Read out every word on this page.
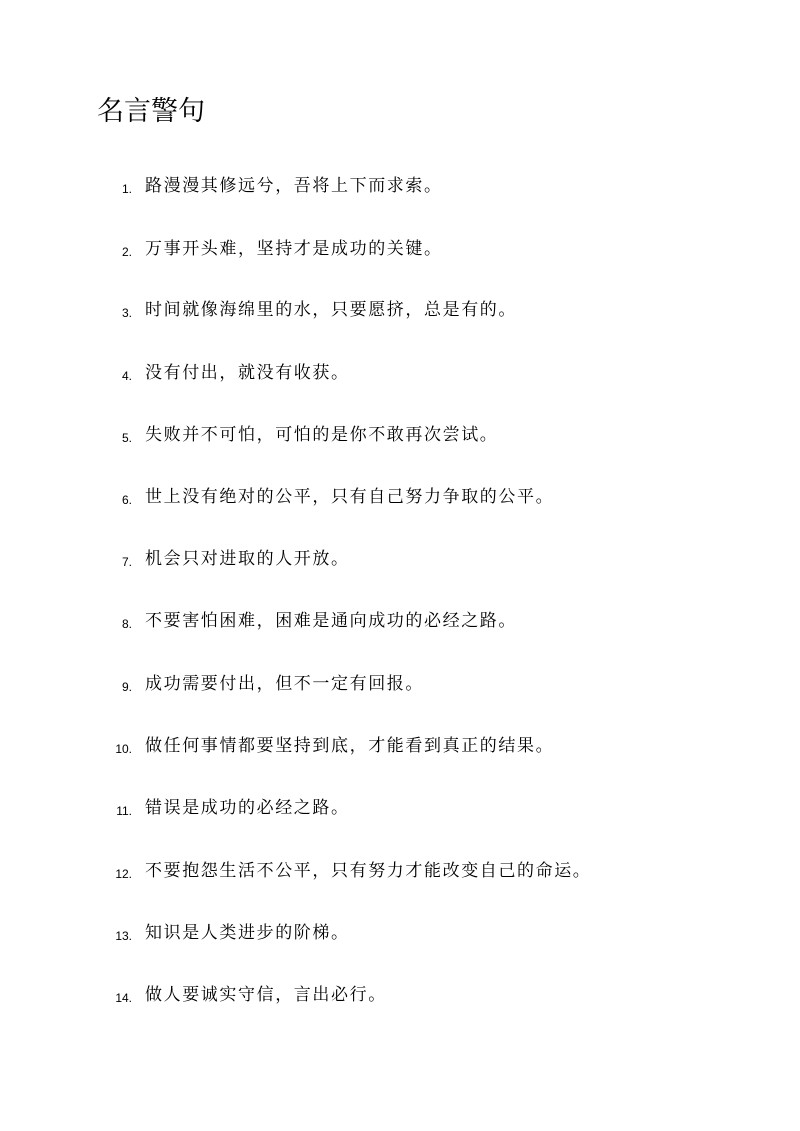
名言警句
1. 路漫漫其修远兮，吾将上下而求索。
2. 万事开头难，坚持才是成功的关键。
3. 时间就像海绵里的水，只要愿挤，总是有的。
4. 没有付出，就没有收获。
5. 失败并不可怕，可怕的是你不敢再次尝试。
6. 世上没有绝对的公平，只有自己努力争取的公平。
7. 机会只对进取的人开放。
8. 不要害怕困难，困难是通向成功的必经之路。
9. 成功需要付出，但不一定有回报。
10. 做任何事情都要坚持到底，才能看到真正的结果。
11. 错误是成功的必经之路。
12. 不要抱怨生活不公平，只有努力才能改变自己的命运。
13. 知识是人类进步的阶梯。
14. 做人要诚实守信，言出必行。
